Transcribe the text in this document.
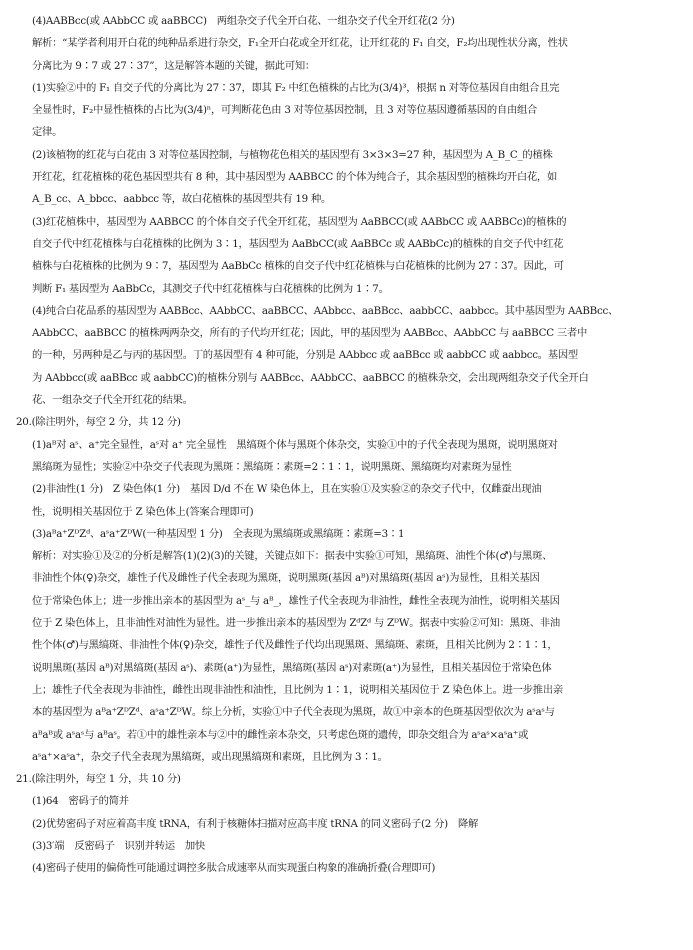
(4)AABBcc(或 AAbbCC 或 aaBBCC)　两组杂交子代全开白花、一组杂交子代全开红花(2 分)
解析：“某学者利用开白花的纯种品系进行杂交，F₁全开白花或全开红花，让开红花的 F₁ 自交，F₂均出现性状分离，性状
分离比为 9∶7 或 27∶37”，这是解答本题的关键，据此可知：
(1)实验②中的 F₁ 自交子代的分离比为 27∶37，即其 F₂ 中红色植株的占比为(3/4)³，根据 n 对等位基因自由组合且完
全显性时，F₂中显性植株的占比为(3/4)ⁿ，可判断花色由 3 对等位基因控制，且 3 对等位基因遵循基因的自由组合
定律。
(2)该植物的红花与白花由 3 对等位基因控制，与植物花色相关的基因型有 3×3×3=27 种，基因型为 A_B_C_的植株
开红花，红花植株的花色基因型共有 8 种，其中基因型为 AABBCC 的个体为纯合子，其余基因型的植株均开白花，如
A_B_cc、A_bbcc、aabbcc 等，故白花植株的基因型共有 19 种。
(3)红花植株中，基因型为 AABBCC 的个体自交子代全开红花，基因型为 AaBBCC(或 AABbCC 或 AABBCc)的植株的
自交子代中红花植株与白花植株的比例为 3∶1，基因型为 AaBbCC(或 AaBBCc 或 AABbCc)的植株的自交子代中红花
植株与白花植株的比例为 9∶7，基因型为 AaBbCc 植株的自交子代中红花植株与白花植株的比例为 27∶37。因此，可
判断 F₁ 基因型为 AaBbCc，其测交子代中红花植株与白花植株的比例为 1∶7。
(4)纯合白花品系的基因型为 AABBcc、AAbbCC、aaBBCC、AAbbcc、aaBBcc、aabbCC、aabbcc。其中基因型为 AABBcc、
AAbbCC、aaBBCC 的植株两两杂交，所有的子代均开红花；因此，甲的基因型为 AABBcc、AAbbCC 与 aaBBCC 三者中
的一种，另两种是乙与丙的基因型。丁的基因型有 4 种可能，分别是 AAbbcc 或 aaBBcc 或 aabbCC 或 aabbcc。基因型
为 AAbbcc(或 aaBBcc 或 aabbCC)的植株分别与 AABBcc、AAbbCC、aaBBCC 的植株杂交，会出现两组杂交子代全开白
花、一组杂交子代全开红花的结果。
20.(除注明外，每空 2 分，共 12 分)
(1)aᴮ对 aˢ、a⁺完全显性，aˢ对 a⁺ 完全显性　黑缟斑个体与黑斑个体杂交，实验①中的子代全表现为黑斑，说明黑斑对
黑缟斑为显性；实验②中杂交子代表现为黑斑∶黑缟斑∶素斑=2∶1∶1，说明黑斑、黑缟斑均对素斑为显性
(2)非油性(1 分)　Z 染色体(1 分)　基因 D/d 不在 W 染色体上，且在实验①及实验②的杂交子代中，仅雌蚕出现油
性，说明相关基因位于 Z 染色体上(答案合理即可)
(3)aᴮa⁺ZᴰZᵈ、aˢa⁺ZᴰW(一种基因型 1 分)　全表现为黑缟斑或黑缟斑∶素斑=3∶1
解析：对实验①及②的分析是解答(1)(2)(3)的关键，关键点如下：据表中实验①可知，黑缟斑、油性个体(♂)与黑斑、
非油性个体(♀)杂交，雄性子代及雌性子代全表现为黑斑，说明黑斑(基因 aᴮ)对黑缟斑(基因 aˢ)为显性，且相关基因
位于常染色体上；进一步推出亲本的基因型为 aˢ_与 aᴮ_，雄性子代全表现为非油性，雌性全表现为油性，说明相关基因
位于 Z 染色体上，且非油性对油性为显性。进一步推出亲本的基因型为 ZᵈZᵈ 与 ZᴰW。据表中实验②可知：黑斑、非油
性个体(♂)与黑缟斑、非油性个体(♀)杂交，雄性子代及雌性子代均出现黑斑、黑缟斑、素斑，且相关比例为 2∶1∶1，
说明黑斑(基因 aᴮ)对黑缟斑(基因 aˢ)、素斑(a⁺)为显性，黑缟斑(基因 aˢ)对素斑(a⁺)为显性，且相关基因位于常染色体
上；雄性子代全表现为非油性，雌性出现非油性和油性，且比例为 1∶1，说明相关基因位于 Z 染色体上。进一步推出亲
本的基因型为 aᴮa⁺ZᴰZᵈ、aˢa⁺ZᴰW。综上分析，实验①中子代全表现为黑斑，故①中亲本的色斑基因型依次为 aˢaˢ与
aᴮaᴮ或 aˢaˢ与 aᴮaˢ。若①中的雄性亲本与②中的雌性亲本杂交，只考虑色斑的遗传，即杂交组合为 aˢaˢ×aˢa⁺或
aˢa⁺×aˢa⁺，杂交子代全表现为黑缟斑，或出现黑缟斑和素斑，且比例为 3∶1。
21.(除注明外，每空 1 分，共 10 分)
(1)64　密码子的简并
(2)优势密码子对应着高丰度 tRNA，有利于核糖体扫描对应高丰度 tRNA 的同义密码子(2 分)　降解
(3)3′端　反密码子　识别并转运　加快
(4)密码子使用的偏倚性可能通过调控多肽合成速率从而实现蛋白构象的准确折叠(合理即可)
